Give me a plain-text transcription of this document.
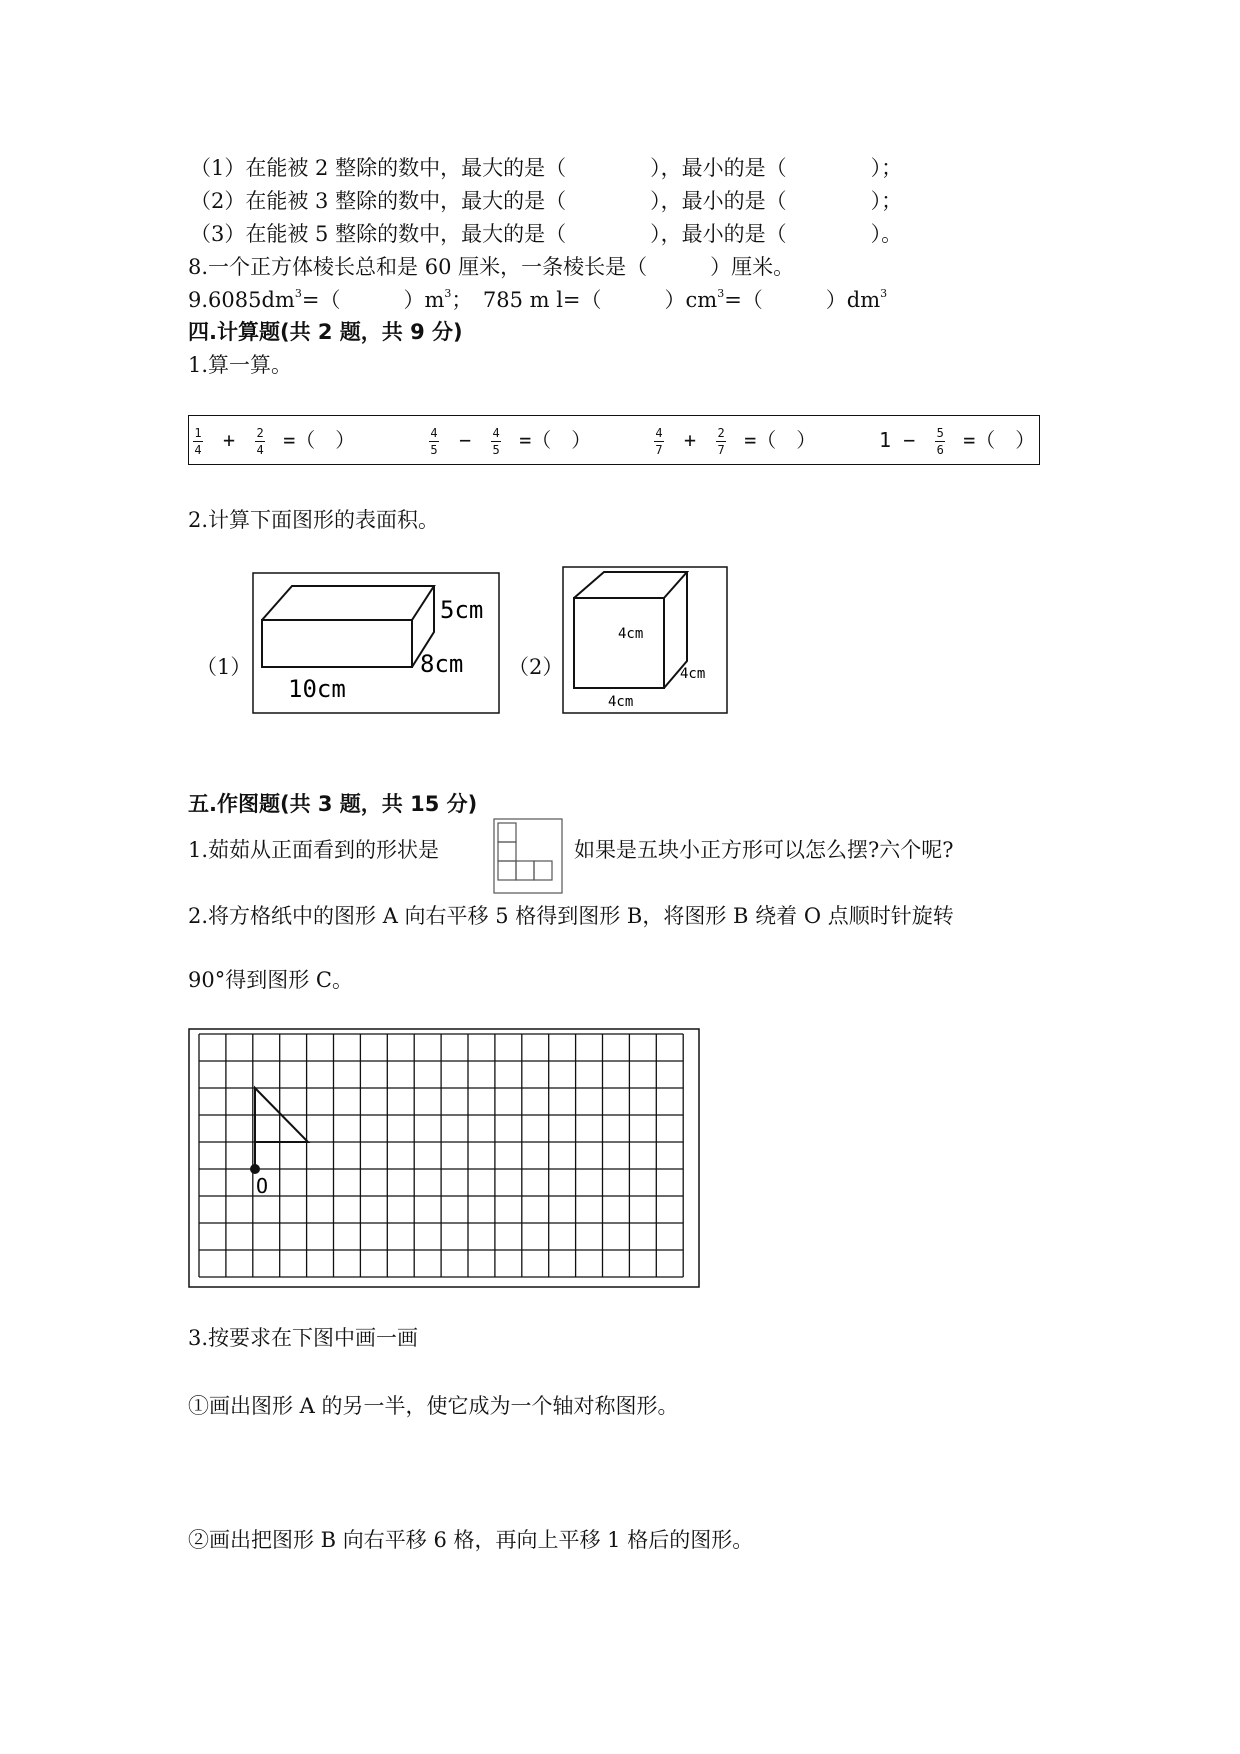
（1）在能被 2 整除的数中，最大的是（　　　　），最小的是（　　　　）；
（2）在能被 3 整除的数中，最大的是（　　　　），最小的是（　　　　）；
（3）在能被 5 整除的数中，最大的是（　　　　），最小的是（　　　　）。
8.一个正方体棱长总和是 60 厘米，一条棱长是（　　　）厘米。
$9.6085dm^3=$（　　　）$m^3$；　785 m l=（　　　）$cm^3=$（　　　）$dm^3$
四.计算题(共 2 题，共 9 分)
1.算一算。
$\frac{1}{4} + \frac{2}{4}$ =（　）	$\frac{4}{5} - \frac{4}{5}$ =（　）	$\frac{4}{7} + \frac{2}{7}$ =（　）	$1 - \frac{5}{6}$ =（　）
2.计算下面图形的表面积。
（1）
5cm
8cm
10cm
（2）
4cm
4cm
4cm
五.作图题(共 3 题，共 15 分)
1.茹茹从正面看到的形状是	如果是五块小正方形可以怎么摆?六个呢?
2.将方格纸中的图形 A 向右平移 5 格得到图形 B，将图形 B 绕着 O 点顺时针旋转
90°得到图形 C。
O
3.按要求在下图中画一画
①画出图形 A 的另一半，使它成为一个轴对称图形。
②画出把图形 B 向右平移 6 格，再向上平移 1 格后的图形。
